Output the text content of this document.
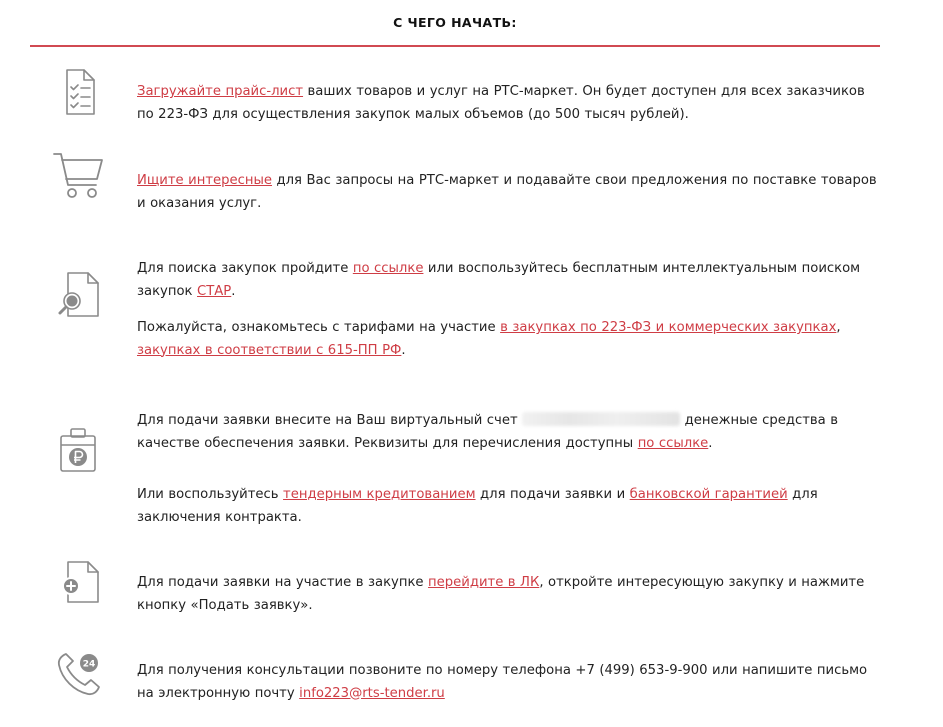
С ЧЕГО НАЧАТЬ:

Загружайте прайс-лист ваших товаров и услуг на РТС-маркет. Он будет доступен для всех заказчиков по 223-ФЗ для осуществления закупок малых объемов (до 500 тысяч рублей).

Ищите интересные для Вас запросы на РТС-маркет и подавайте свои предложения по поставке товаров и оказания услуг.

Для поиска закупок пройдите по ссылке или воспользуйтесь бесплатным интеллектуальным поиском закупок СТАР.

Пожалуйста, ознакомьтесь с тарифами на участие в закупках по 223-ФЗ и коммерческих закупках, закупках в соответствии с 615-ПП РФ.

Для подачи заявки внесите на Ваш виртуальный счет	денежные средства в качестве обеспечения заявки. Реквизиты для перечисления доступны по ссылке.

Или воспользуйтесь тендерным кредитованием для подачи заявки и банковской гарантией для заключения контракта.

Для подачи заявки на участие в закупке перейдите в ЛК, откройте интересующую закупку и нажмите кнопку «Подать заявку».

24	Для получения консультации позвоните по номеру телефона +7 (499) 653-9-900 или напишите письмо на электронную почту info223@rts-tender.ru
